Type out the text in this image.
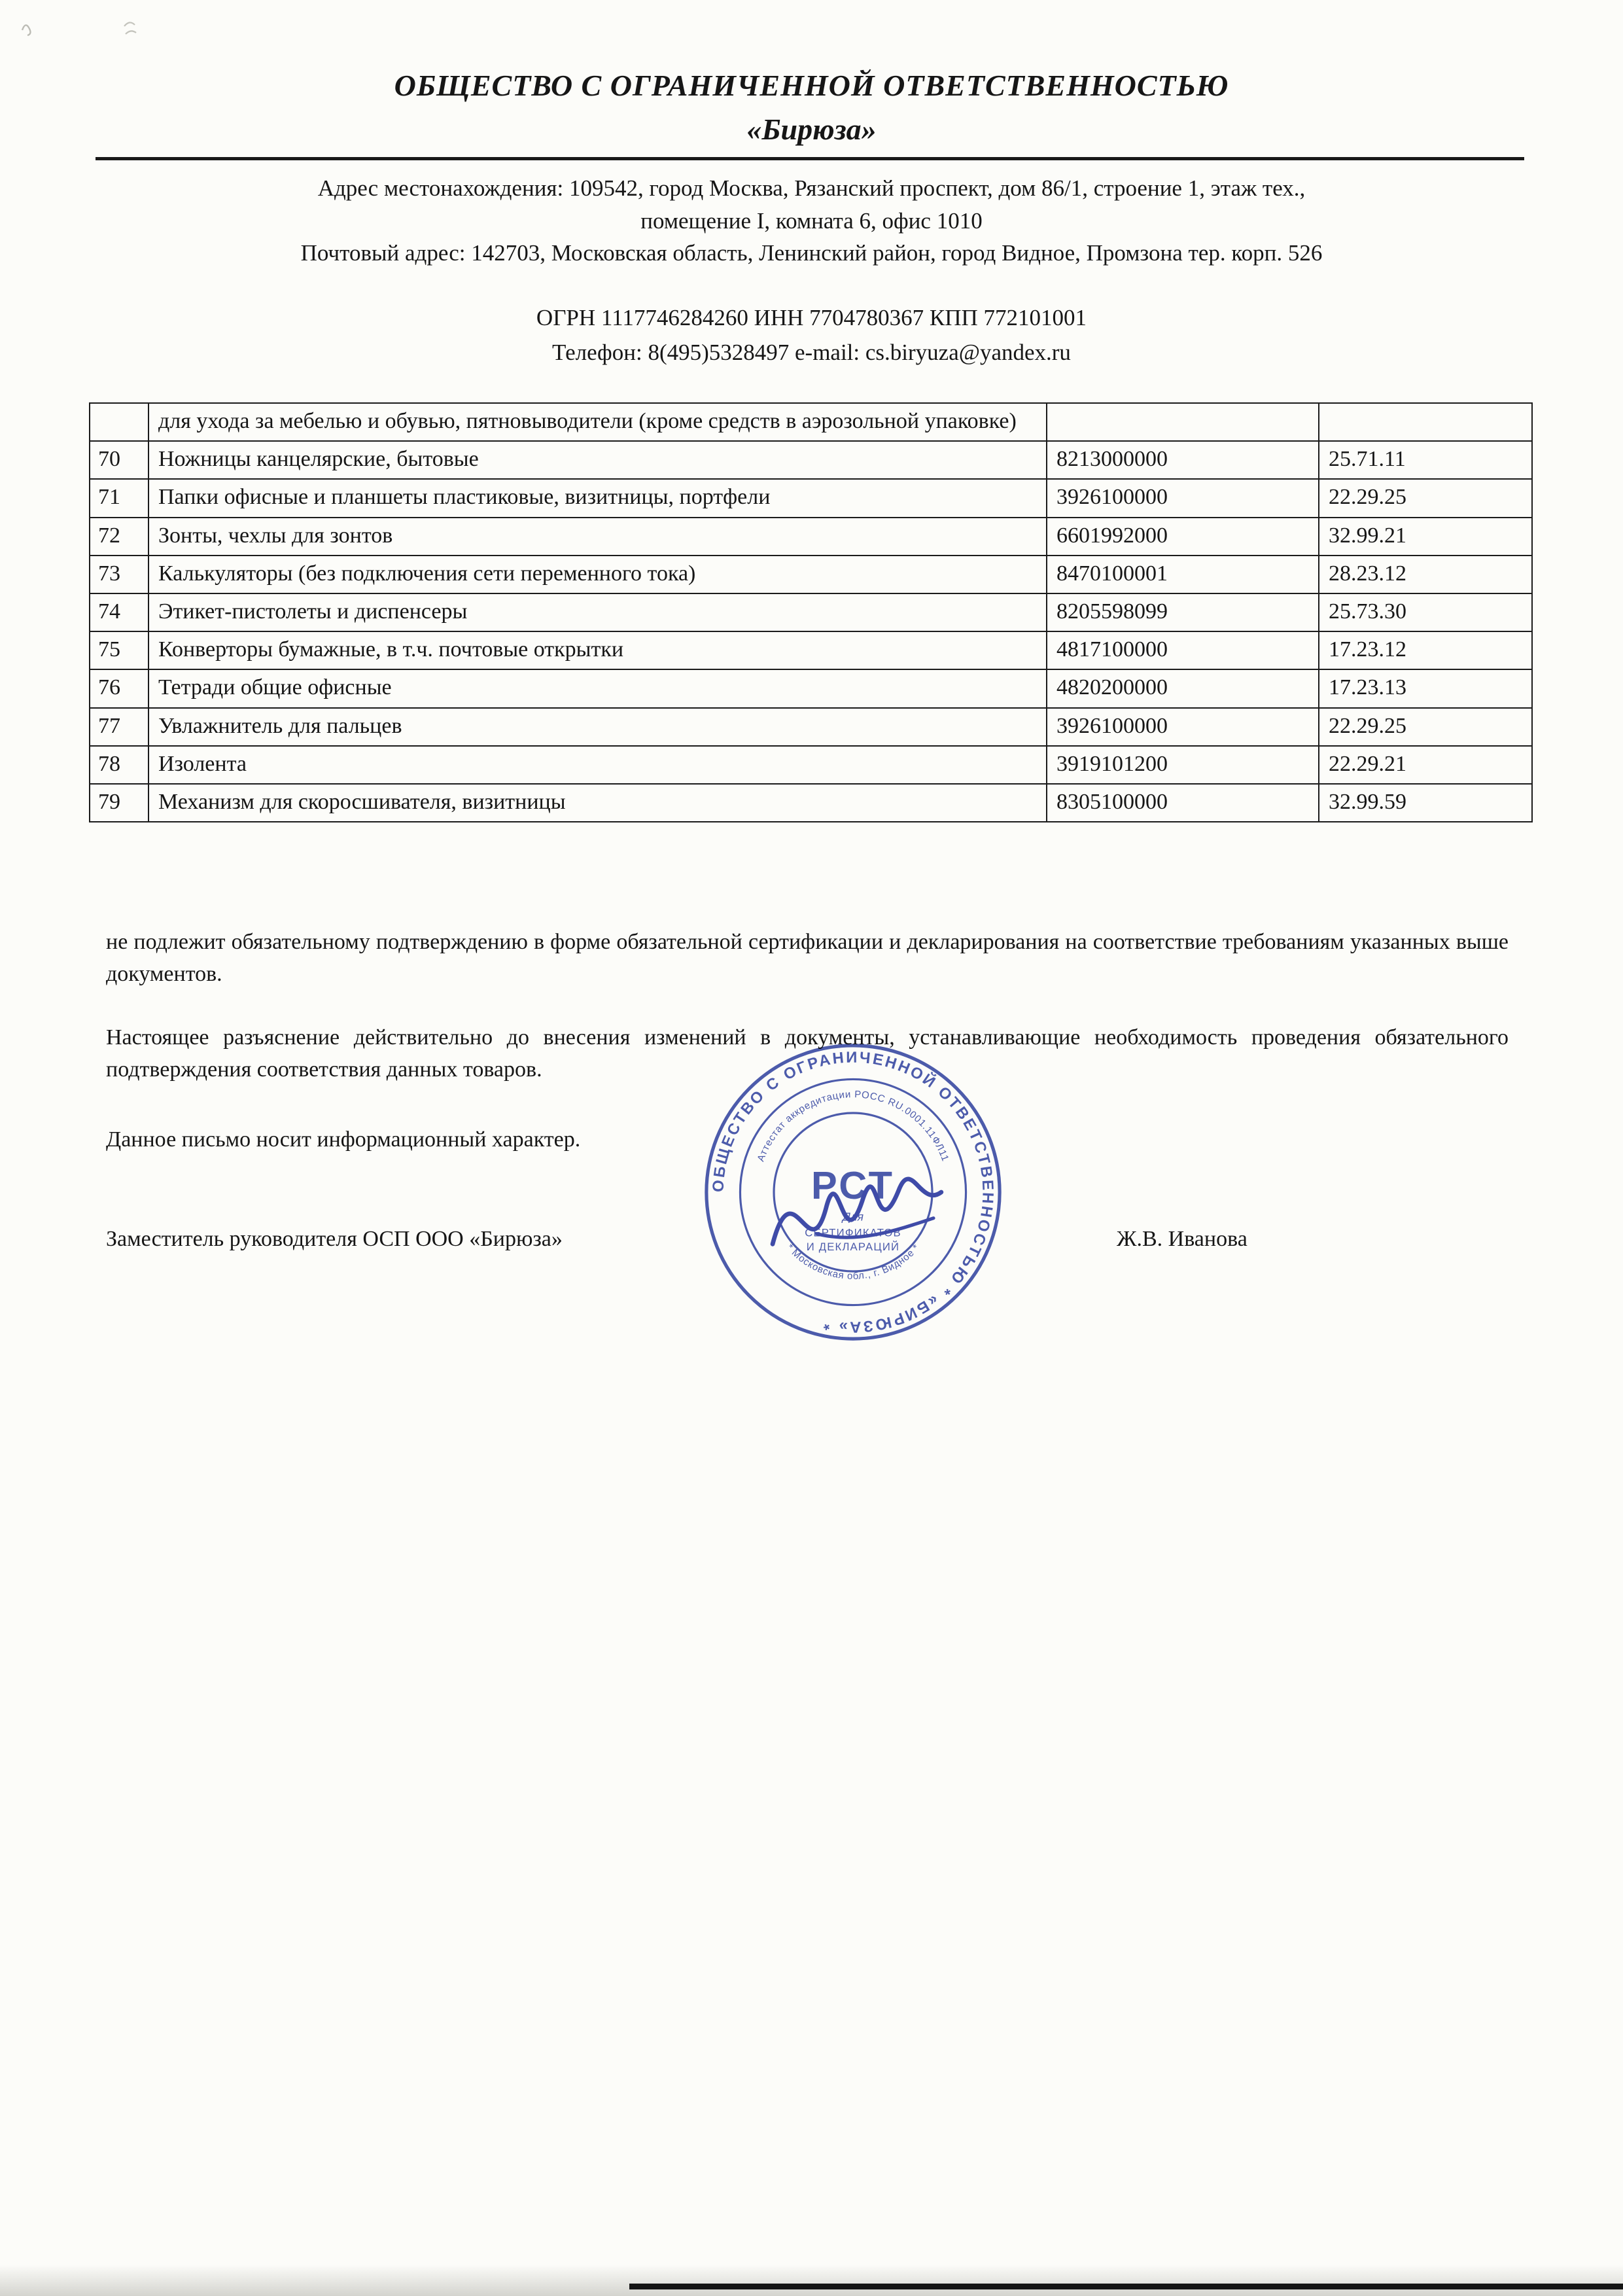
ОБЩЕСТВО С ОГРАНИЧЕННОЙ ОТВЕТСТВЕННОСТЬЮ
«Бирюза»
Адрес местонахождения: 109542, город Москва, Рязанский проспект, дом 86/1, строение 1, этаж тех.,
помещение I, комната 6, офис 1010
Почтовый адрес: 142703, Московская область, Ленинский район, город Видное, Промзона тер. корп. 526
ОГРН 1117746284260 ИНН 7704780367 КПП 772101001
Телефон: 8(495)5328497 e-mail: cs.biryuza@yandex.ru
	для ухода за мебелью и обувью, пятновыводители (кроме средств в аэрозольной упаковке)		
70	Ножницы канцелярские, бытовые	8213000000	25.71.11
71	Папки офисные и планшеты пластиковые, визитницы, портфели	3926100000	22.29.25
72	Зонты, чехлы для зонтов	6601992000	32.99.21
73	Калькуляторы (без подключения сети переменного тока)	8470100001	28.23.12
74	Этикет-пистолеты и диспенсеры	8205598099	25.73.30
75	Конверторы бумажные, в т.ч. почтовые открытки	4817100000	17.23.12
76	Тетради общие офисные	4820200000	17.23.13
77	Увлажнитель для пальцев	3926100000	22.29.25
78	Изолента	3919101200	22.29.21
79	Механизм для скоросшивателя, визитницы	8305100000	32.99.59

не подлежит обязательному подтверждению в форме обязательной сертификации и декларирования на соответствие требованиям указанных выше документов.

Настоящее разъяснение действительно до внесения изменений в документы, устанавливающие необходимость проведения обязательного подтверждения соответствия данных товаров.

Данное письмо носит информационный характер.

Заместитель руководителя ОСП ООО «Бирюза»	Ж.В. Иванова
ОБЩЕСТВО С ОГРАНИЧЕННОЙ ОТВЕТСТВЕННОСТЬЮ * «БИРЮЗА» *
Аттестат аккредитации РОСС RU.0001.11ФЛ11
* Московская обл., г. Видное *
РСТ
Для
СЕРТИФИКАТОВ
И ДЕКЛАРАЦИЙ
